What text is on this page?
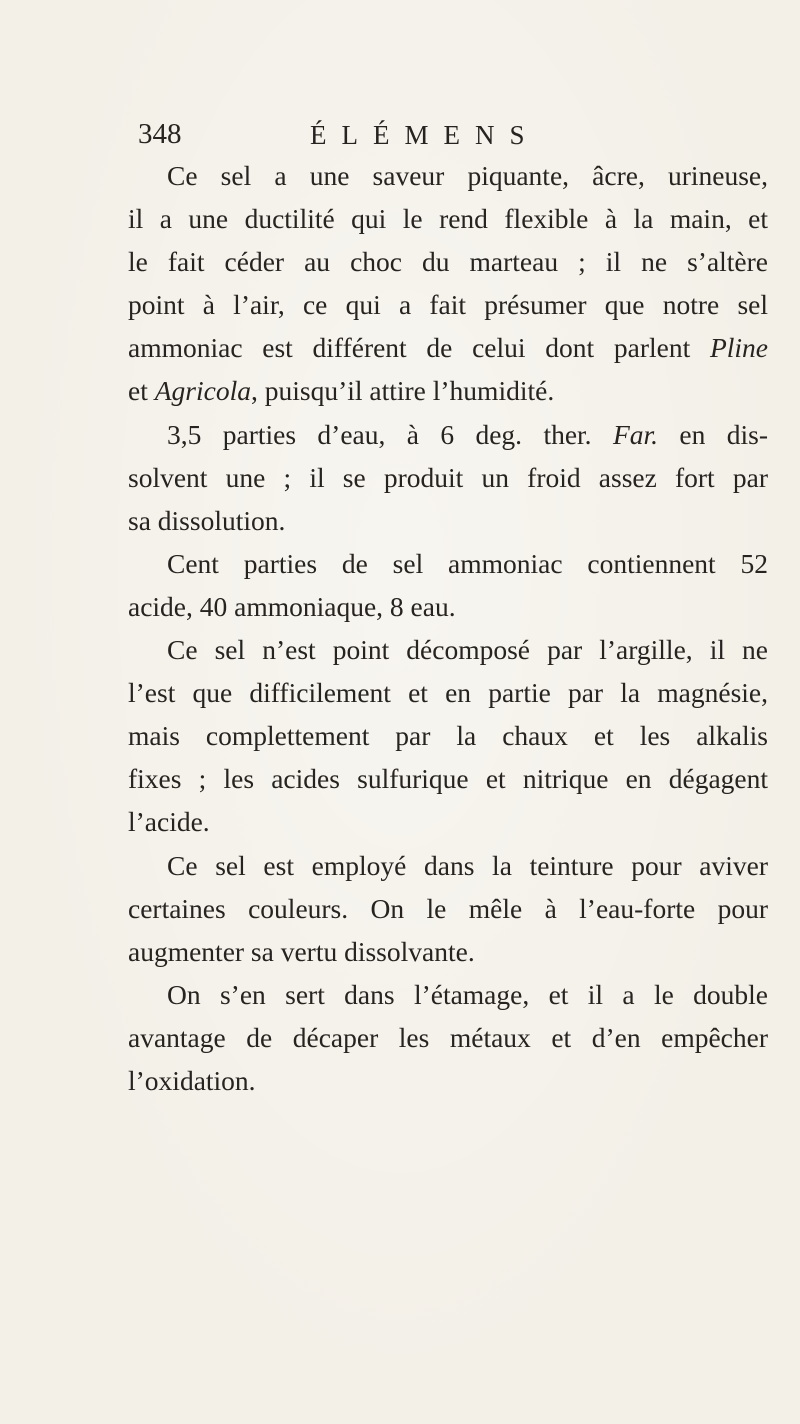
348	ÉLÉMENS
Ce sel a une saveur piquante, âcre, urineuse,
il a une ductilité qui le rend flexible à la main, et
le fait céder au choc du marteau ; il ne s’altère
point à l’air, ce qui a fait présumer que notre sel
ammoniac est différent de celui dont parlent Pline
et Agricola, puisqu’il attire l’humidité.
3,5 parties d’eau, à 6 deg. ther. Far. en dis-
solvent une ; il se produit un froid assez fort par
sa dissolution.
Cent parties de sel ammoniac contiennent 52
acide, 40 ammoniaque, 8 eau.
Ce sel n’est point décomposé par l’argille, il ne
l’est que difficilement et en partie par la magnésie,
mais complettement par la chaux et les alkalis
fixes ; les acides sulfurique et nitrique en dégagent
l’acide.
Ce sel est employé dans la teinture pour aviver
certaines couleurs. On le mêle à l’eau-forte pour
augmenter sa vertu dissolvante.
On s’en sert dans l’étamage, et il a le double
avantage de décaper les métaux et d’en empêcher
l’oxidation.
